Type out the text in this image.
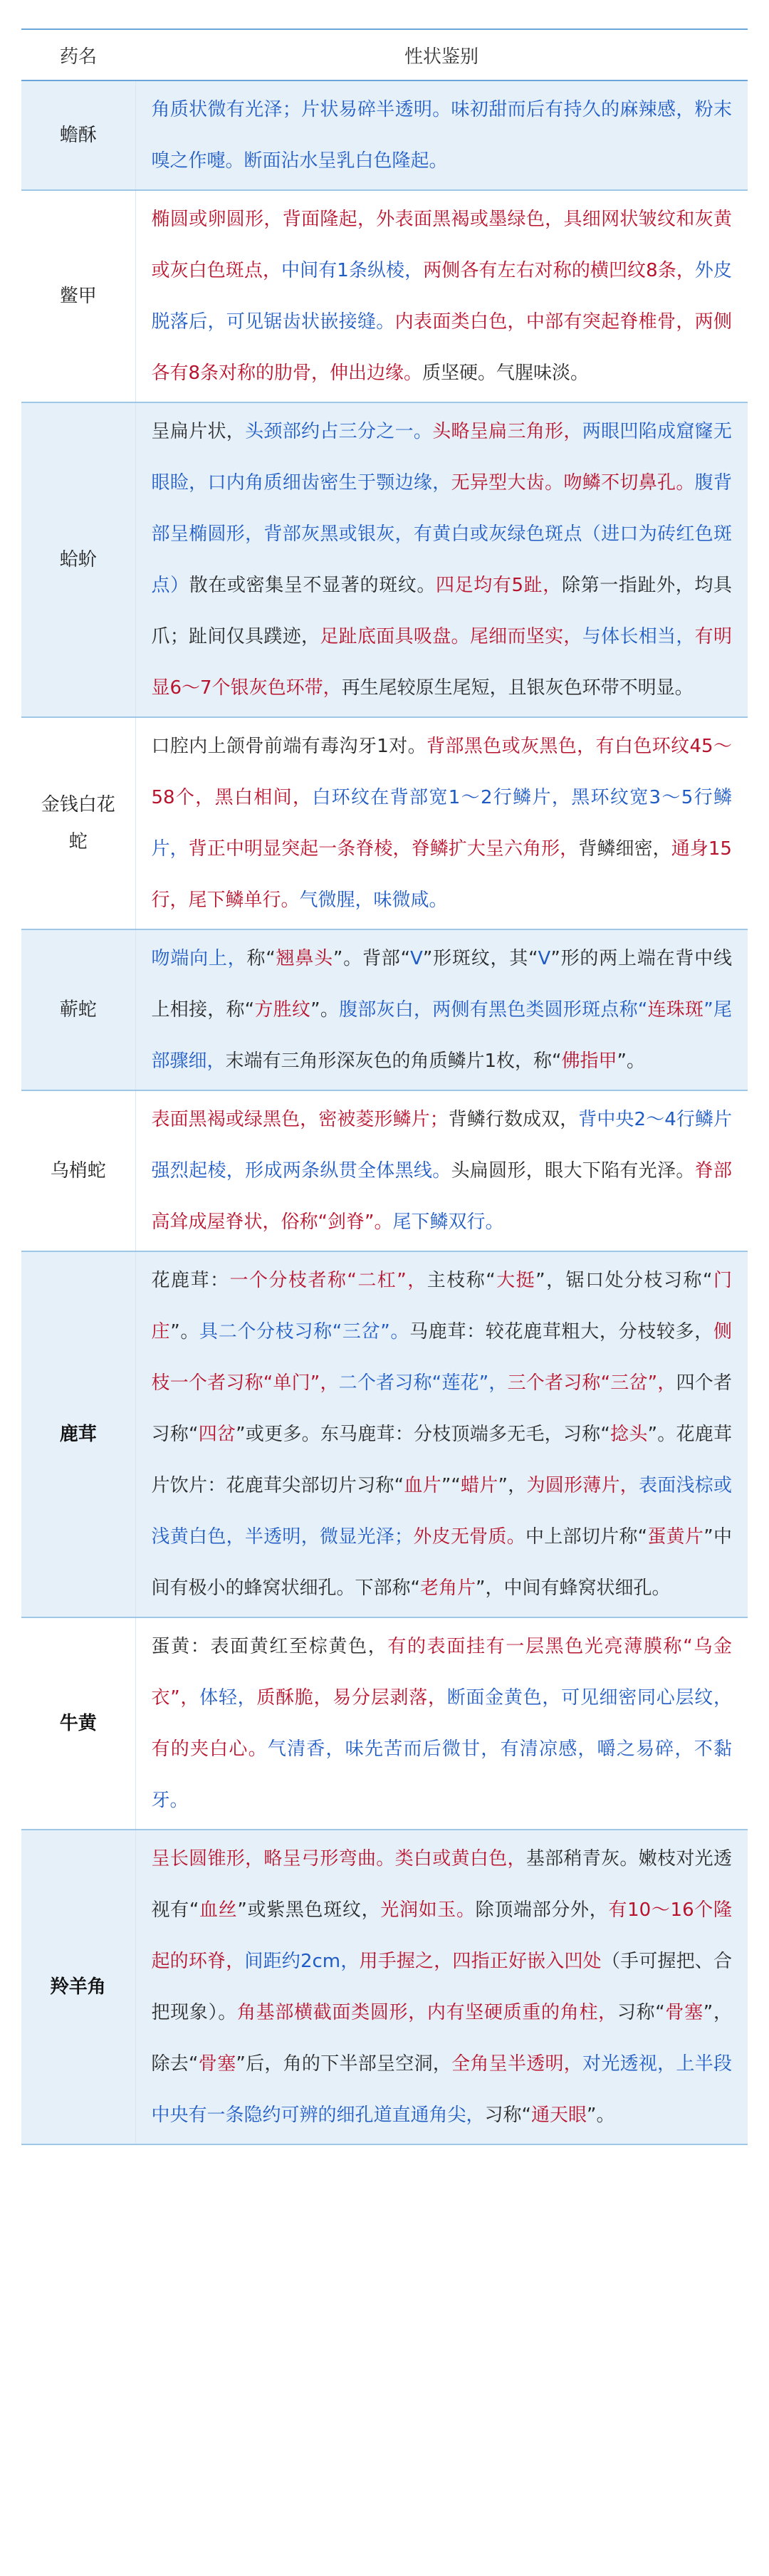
药名	性状鉴别
蟾酥	角质状微有光泽；片状易碎半透明。味初甜而后有持久的麻辣感，粉末嗅之作嚏。断面沾水呈乳白色隆起。
鳖甲	椭圆或卵圆形，背面隆起，外表面黑褐或墨绿色，具细网状皱纹和灰黄或灰白色斑点，中间有1条纵棱，两侧各有左右对称的横凹纹8条，外皮脱落后，可见锯齿状嵌接缝。内表面类白色，中部有突起脊椎骨，两侧各有8条对称的肋骨，伸出边缘。质坚硬。气腥味淡。
蛤蚧	呈扁片状，头颈部约占三分之一。头略呈扁三角形，两眼凹陷成窟窿无眼睑，口内角质细齿密生于颚边缘，无异型大齿。吻鳞不切鼻孔。腹背部呈椭圆形，背部灰黑或银灰，有黄白或灰绿色斑点（进口为砖红色斑点）散在或密集呈不显著的斑纹。四足均有5趾，除第一指趾外，均具爪；趾间仅具蹼迹，足趾底面具吸盘。尾细而坚实，与体长相当，有明显6～7个银灰色环带，再生尾较原生尾短，且银灰色环带不明显。
金钱白花蛇	口腔内上颌骨前端有毒沟牙1对。背部黑色或灰黑色，有白色环纹45～58个，黑白相间，白环纹在背部宽1～2行鳞片，黑环纹宽3～5行鳞片，背正中明显突起一条脊棱，脊鳞扩大呈六角形，背鳞细密，通身15行，尾下鳞单行。气微腥，味微咸。
蕲蛇	吻端向上，称“翘鼻头”。背部“V”形斑纹，其“V”形的两上端在背中线上相接，称“方胜纹”。腹部灰白，两侧有黑色类圆形斑点称“连珠斑”尾部骤细，末端有三角形深灰色的角质鳞片1枚，称“佛指甲”。
乌梢蛇	表面黑褐或绿黑色，密被菱形鳞片；背鳞行数成双，背中央2～4行鳞片强烈起棱，形成两条纵贯全体黑线。头扁圆形，眼大下陷有光泽。脊部高耸成屋脊状，俗称“剑脊”。尾下鳞双行。
鹿茸	花鹿茸：一个分枝者称“二杠”，主枝称“大挺”，锯口处分枝习称“门庄”。具二个分枝习称“三岔”。马鹿茸：较花鹿茸粗大，分枝较多，侧枝一个者习称“单门”，二个者习称“莲花”，三个者习称“三岔”，四个者习称“四岔”或更多。东马鹿茸：分枝顶端多无毛，习称“捻头”。花鹿茸片饮片：花鹿茸尖部切片习称“血片”“蜡片”，为圆形薄片，表面浅棕或浅黄白色，半透明，微显光泽；外皮无骨质。中上部切片称“蛋黄片”中间有极小的蜂窝状细孔。下部称“老角片”，中间有蜂窝状细孔。
牛黄	蛋黄：表面黄红至棕黄色，有的表面挂有一层黑色光亮薄膜称“乌金衣”，体轻，质酥脆，易分层剥落，断面金黄色，可见细密同心层纹，有的夹白心。气清香，味先苦而后微甘，有清凉感，嚼之易碎，不黏牙。
羚羊角	呈长圆锥形，略呈弓形弯曲。类白或黄白色，基部稍青灰。嫩枝对光透视有“血丝”或紫黑色斑纹，光润如玉。除顶端部分外，有10～16个隆起的环脊，间距约2cm，用手握之，四指正好嵌入凹处（手可握把、合把现象）。角基部横截面类圆形，内有坚硬质重的角柱，习称“骨塞”，除去“骨塞”后，角的下半部呈空洞，全角呈半透明，对光透视，上半段中央有一条隐约可辨的细孔道直通角尖，习称“通天眼”。
